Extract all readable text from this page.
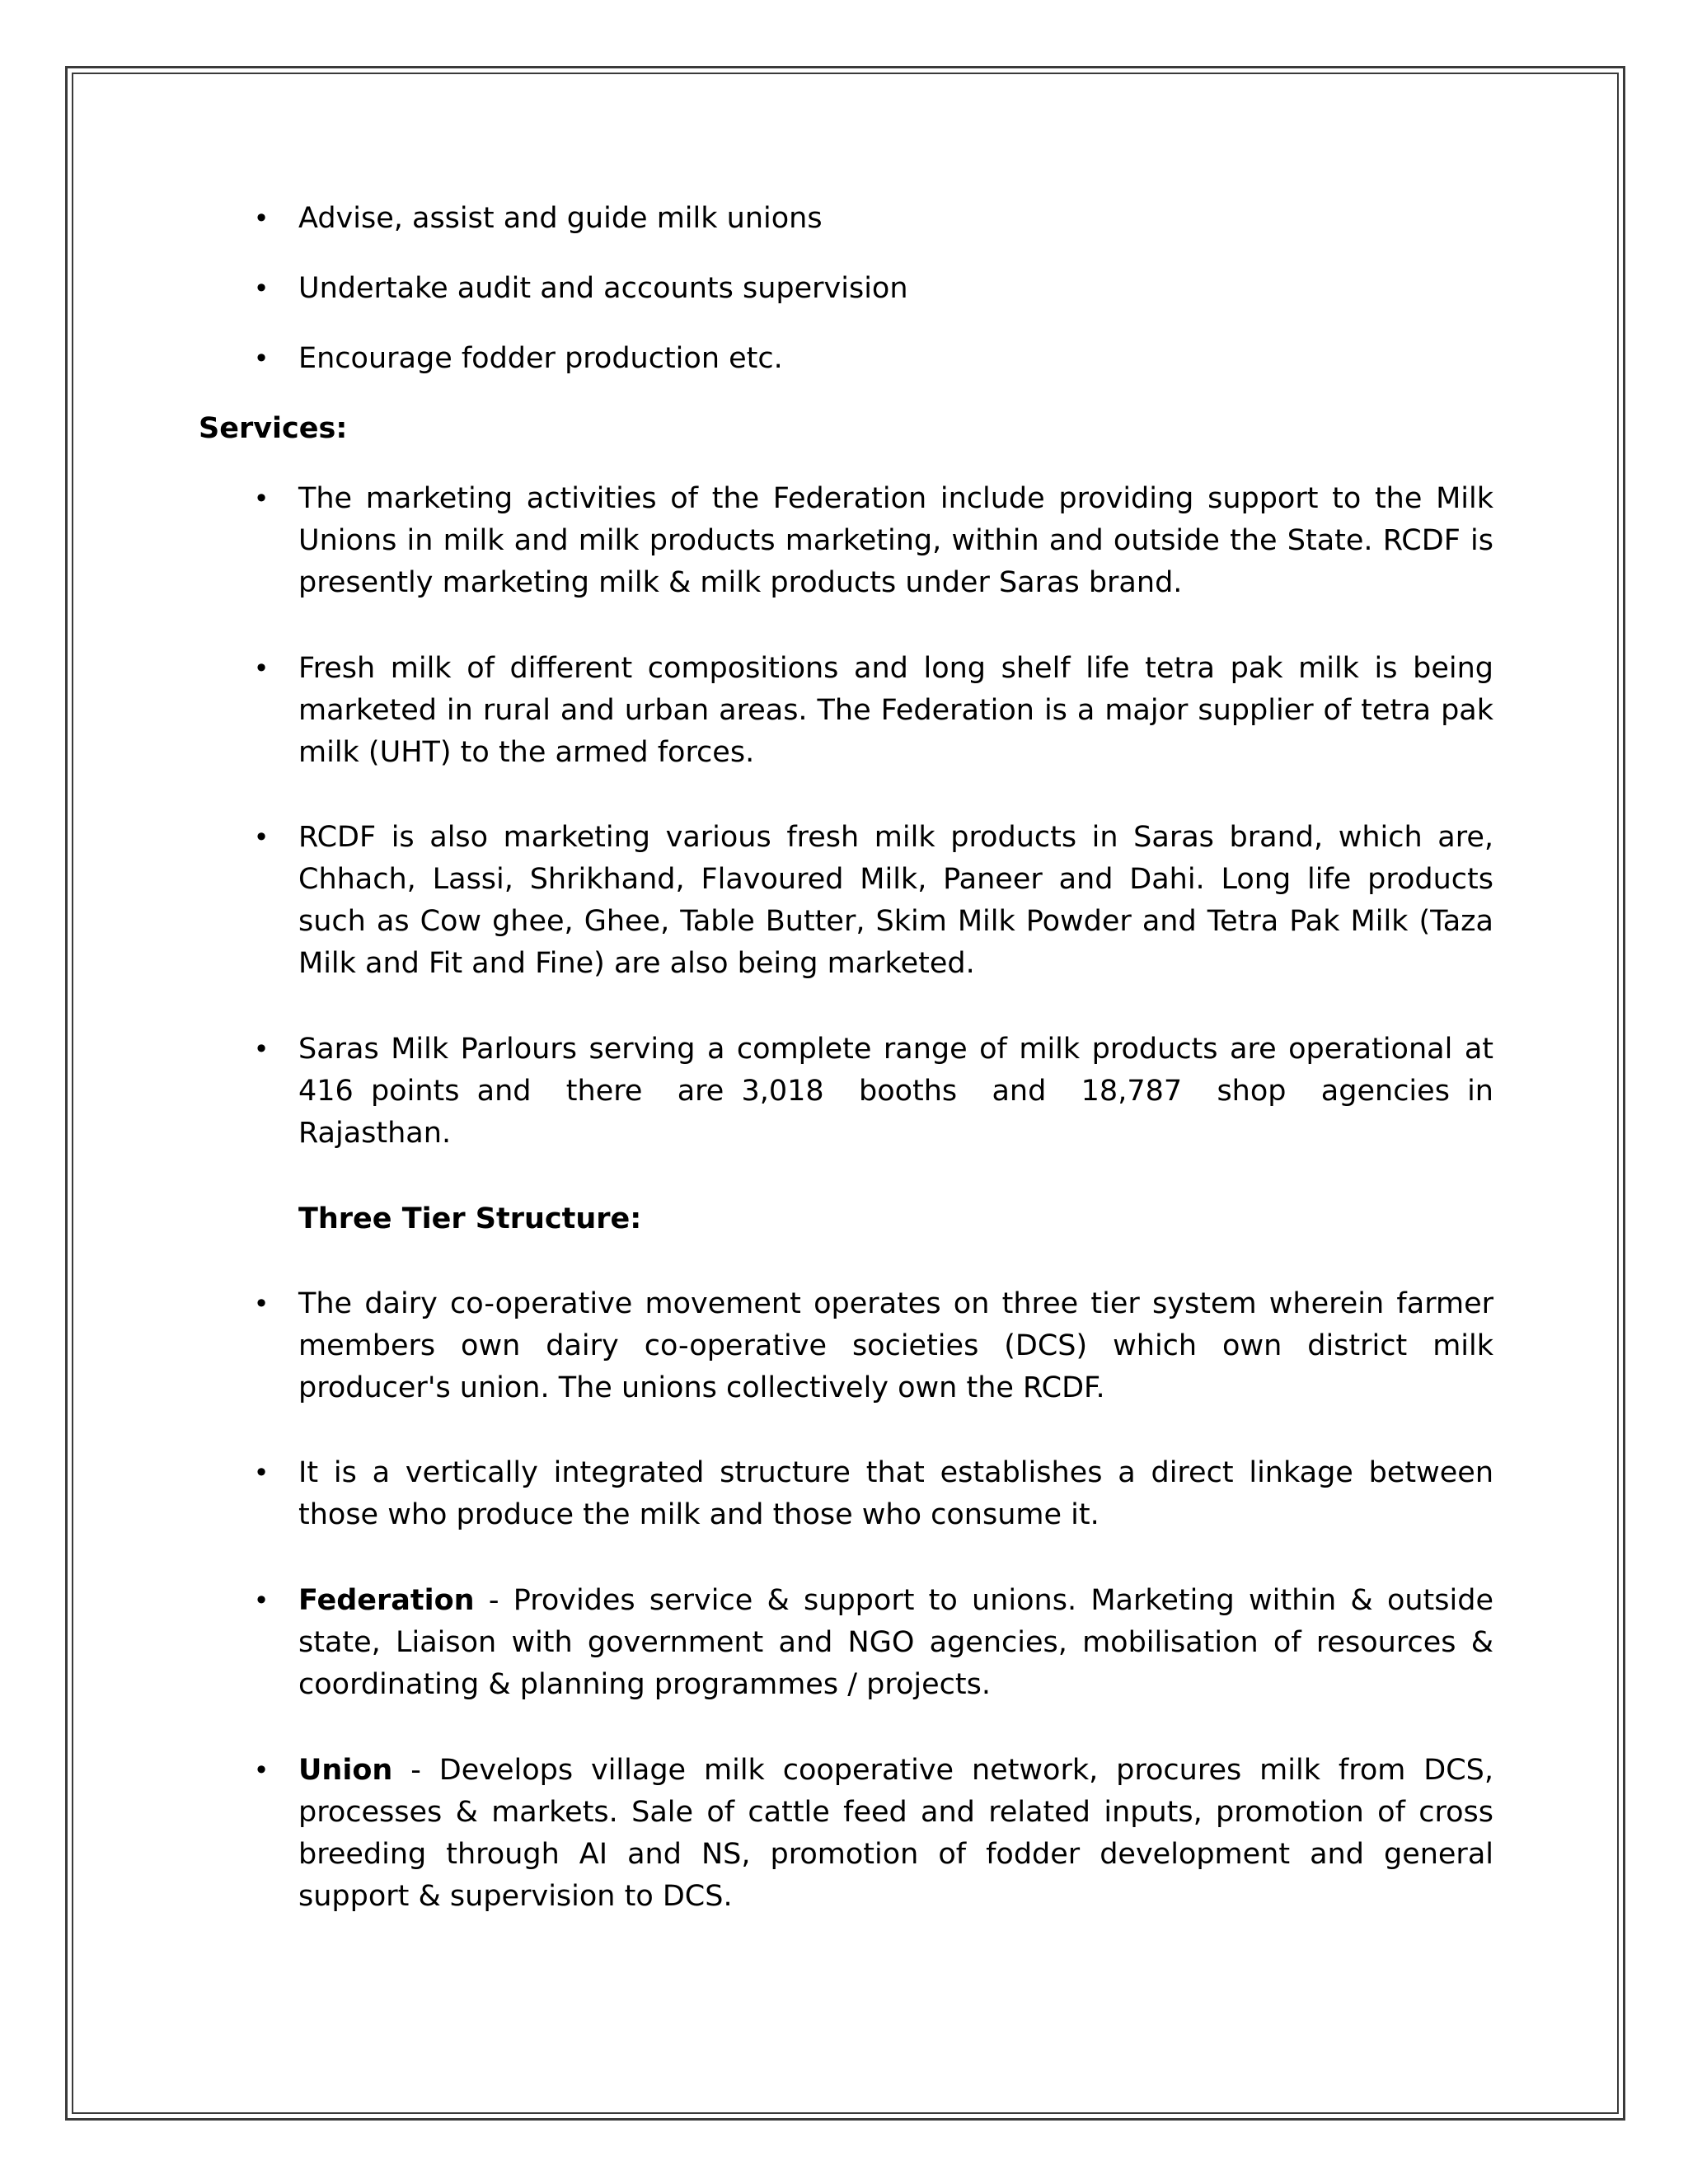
• Advise, assist and guide milk unions
• Undertake audit and accounts supervision
• Encourage fodder production etc.
Services:
• The marketing activities of the Federation include providing support to the Milk Unions in milk and milk products marketing, within and outside the State. RCDF is presently marketing milk & milk products under Saras brand.
• Fresh milk of different compositions and long shelf life tetra pak milk is being marketed in rural and urban areas. The Federation is a major supplier of tetra pak milk (UHT) to the armed forces.
• RCDF is also marketing various fresh milk products in Saras brand, which are, Chhach, Lassi, Shrikhand, Flavoured Milk, Paneer and Dahi. Long life products such as Cow ghee, Ghee, Table Butter, Skim Milk Powder and Tetra Pak Milk (Taza Milk and Fit and Fine) are also being marketed.
• Saras Milk Parlours serving a complete range of milk products are operational at  416 points and  there  are 3,018  booths  and  18,787  shop  agencies in
Rajasthan.
Three Tier Structure:
• The dairy co-operative movement operates on three tier system wherein farmer members own dairy co-operative societies (DCS) which own district milk producer's union. The unions collectively own the RCDF.
• It is a vertically integrated structure that establishes a direct linkage between those who produce the milk and those who consume it.
• Federation - Provides service & support to unions. Marketing within & outside state, Liaison with government and NGO agencies, mobilisation of resources & coordinating & planning programmes / projects.
• Union - Develops village milk cooperative network, procures milk from DCS, processes & markets. Sale of cattle feed and related inputs, promotion of cross breeding through AI and NS, promotion of fodder development and general support & supervision to DCS.
